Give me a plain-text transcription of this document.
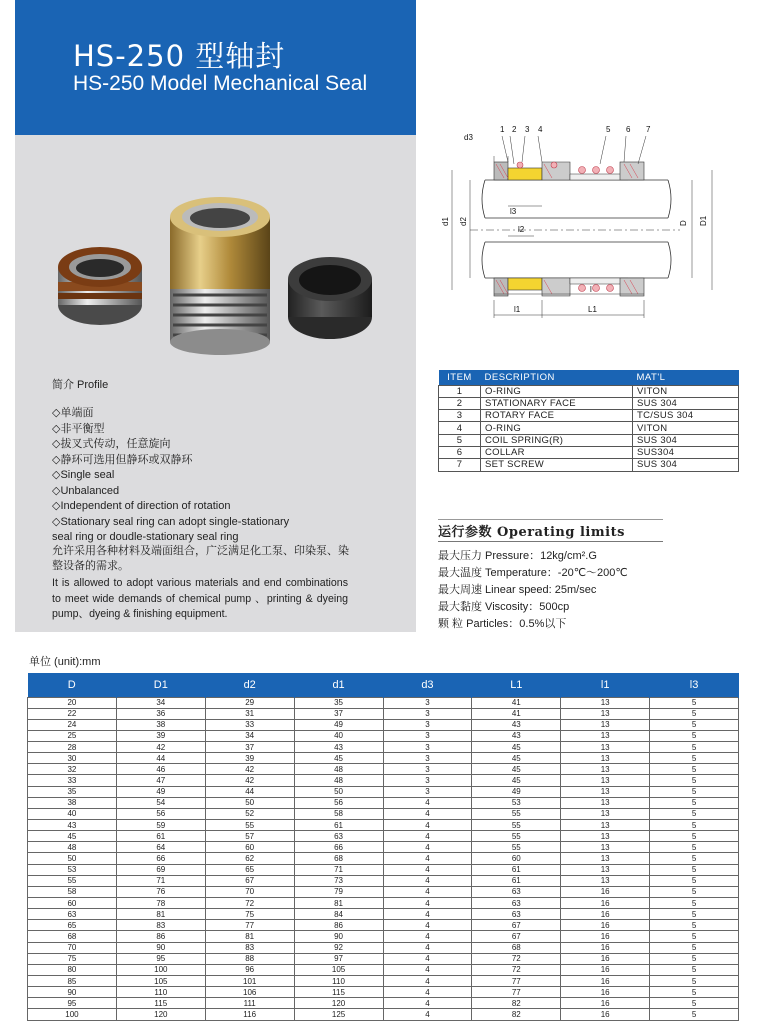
HS-250 型轴封
HS-250 Model Mechanical Seal
简介 Profile
◇单端面
◇非平衡型
◇拔叉式传动，任意旋向
◇静环可选用但静环或双静环
◇Single seal
◇Unbalanced
◇Independent of direction of rotation
◇Stationary seal ring can adopt single-stationary
seal ring or doudle-stationary seal ring
允许采用各种材料及端面组合，广泛满足化工泵、印染泵、染整设备的需求。
It is allowed to adopt various materials and end combinations to meet wide demands of chemical pump 、printing & dyeing pump、dyeing & finishing equipment.
d3
1 2 3 4	5 6 7
d1 d2	D D1
l3
l2
l
l1	L1
ITEM	DESCRIPTION	MAT'L
1	O-RING	VITON
2	STATIONARY FACE	SUS 304
3	ROTARY FACE	TC/SUS 304
4	O-RING	VITON
5	COIL SPRING(R)	SUS 304
6	COLLAR	SUS304
7	SET SCREW	SUS 304
运行参数 Operating limits
最大压力 Pressure：12kg/cm².G
最大温度 Temperature：-20℃～200℃
最大周速 Linear speed: 25m/sec
最大黏度 Viscosity：500cp
颗 粒 Particles：0.5%以下
单位 (unit):mm
D	D1	d2	d1	d3	L1	l1	l3
20	34	29	35	3	41	13	5
22	36	31	37	3	41	13	5
24	38	33	49	3	43	13	5
25	39	34	40	3	43	13	5
28	42	37	43	3	45	13	5
30	44	39	45	3	45	13	5
32	46	42	48	3	45	13	5
33	47	42	48	3	45	13	5
35	49	44	50	3	49	13	5
38	54	50	56	4	53	13	5
40	56	52	58	4	55	13	5
43	59	55	61	4	55	13	5
45	61	57	63	4	55	13	5
48	64	60	66	4	55	13	5
50	66	62	68	4	60	13	5
53	69	65	71	4	61	13	5
55	71	67	73	4	61	13	5
58	76	70	79	4	63	16	5
60	78	72	81	4	63	16	5
63	81	75	84	4	63	16	5
65	83	77	86	4	67	16	5
68	86	81	90	4	67	16	5
70	90	83	92	4	68	16	5
75	95	88	97	4	72	16	5
80	100	96	105	4	72	16	5
85	105	101	110	4	77	16	5
90	110	106	115	4	77	16	5
95	115	111	120	4	82	16	5
100	120	116	125	4	82	16	5
